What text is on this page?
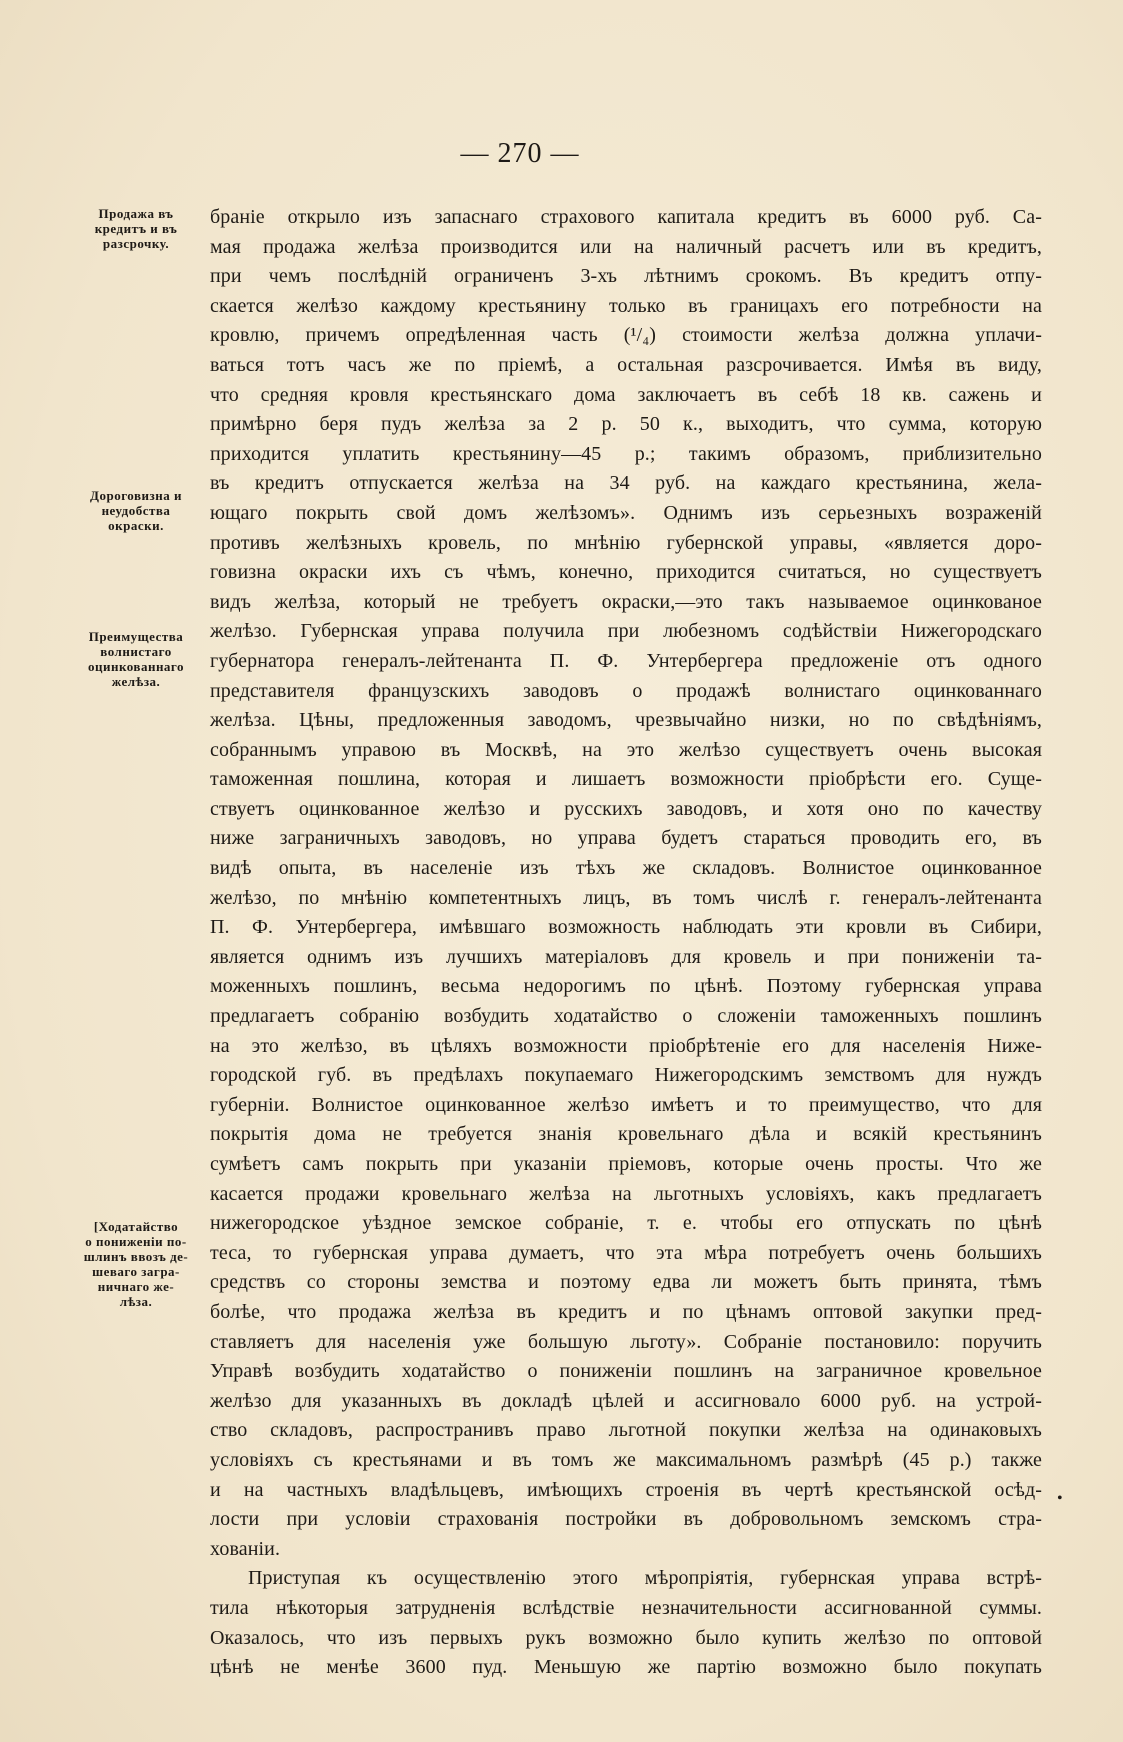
— 270 —
Продажа въ
кредитъ и въ
разсрочку.
Дороговизна и
неудобства
окраски.
Преимущества
волнистаго
оцинкованнаго
желѣза.
[Ходатайство
о пониженіи по-
шлинъ ввозъ де-
шеваго загра-
ничнаго же-
лѣза.
браніе открыло изъ запаснаго страхового капитала кредитъ въ 6000 руб. Са-
мая продажа желѣза производится или на наличный расчетъ или въ кредитъ,
при чемъ послѣдній ограниченъ 3-хъ лѣтнимъ срокомъ. Въ кредитъ отпу-
скается желѣзо каждому крестьянину только въ границахъ его потребности на
кровлю, причемъ опредѣленная часть (¹/₄) стоимости желѣза должна уплачи-
ваться тотъ часъ же по пріемѣ, а остальная разсрочивается. Имѣя въ виду,
что средняя кровля крестьянскаго дома заключаетъ въ себѣ 18 кв. сажень и
примѣрно беря пудъ желѣза за 2 р. 50 к., выходитъ, что сумма, которую
приходится уплатить крестьянину—45 р.; такимъ образомъ, приблизительно
въ кредитъ отпускается желѣза на 34 руб. на каждаго крестьянина, жела-
ющаго покрыть свой домъ желѣзомъ». Однимъ изъ серьезныхъ возраженій
противъ желѣзныхъ кровель, по мнѣнію губернской управы, «является доро-
говизна окраски ихъ съ чѣмъ, конечно, приходится считаться, но существуетъ
видъ желѣза, который не требуетъ окраски,—это такъ называемое оцинкованое
желѣзо. Губернская управа получила при любезномъ содѣйствіи Нижегородскаго
губернатора генералъ-лейтенанта П. Ф. Унтербергера предложеніе отъ одного
представителя французскихъ заводовъ о продажѣ волнистаго оцинкованнаго
желѣза. Цѣны, предложенныя заводомъ, чрезвычайно низки, но по свѣдѣніямъ,
собраннымъ управою въ Москвѣ, на это желѣзо существуетъ очень высокая
таможенная пошлина, которая и лишаетъ возможности пріобрѣсти его. Суще-
ствуетъ оцинкованное желѣзо и русскихъ заводовъ, и хотя оно по качеству
ниже заграничныхъ заводовъ, но управа будетъ стараться проводить его, въ
видѣ опыта, въ населеніе изъ тѣхъ же складовъ. Волнистое оцинкованное
желѣзо, по мнѣнію компетентныхъ лицъ, въ томъ числѣ г. генералъ-лейтенанта
П. Ф. Унтербергера, имѣвшаго возможность наблюдать эти кровли въ Сибири,
является однимъ изъ лучшихъ матеріаловъ для кровель и при пониженіи та-
моженныхъ пошлинъ, весьма недорогимъ по цѣнѣ. Поэтому губернская управа
предлагаетъ собранію возбудить ходатайство о сложеніи таможенныхъ пошлинъ
на это желѣзо, въ цѣляхъ возможности пріобрѣтеніе его для населенія Ниже-
городской губ. въ предѣлахъ покупаемаго Нижегородскимъ земствомъ для нуждъ
губерніи. Волнистое оцинкованное желѣзо имѣетъ и то преимущество, что для
покрытія дома не требуется знанія кровельнаго дѣла и всякій крестьянинъ
сумѣетъ самъ покрыть при указаніи пріемовъ, которые очень просты. Что же
касается продажи кровельнаго желѣза на льготныхъ условіяхъ, какъ предлагаетъ
нижегородское уѣздное земское собраніе, т. е. чтобы его отпускать по цѣнѣ
теса, то губернская управа думаетъ, что эта мѣра потребуетъ очень большихъ
средствъ со стороны земства и поэтому едва ли можетъ быть принята, тѣмъ
болѣе, что продажа желѣза въ кредитъ и по цѣнамъ оптовой закупки пред-
ставляетъ для населенія уже большую льготу». Собраніе постановило: поручить
Управѣ возбудить ходатайство о пониженіи пошлинъ на заграничное кровельное
желѣзо для указанныхъ въ докладѣ цѣлей и ассигновало 6000 руб. на устрой-
ство складовъ, распространивъ право льготной покупки желѣза на одинаковыхъ
условіяхъ съ крестьянами и въ томъ же максимальномъ размѣрѣ (45 р.) также
и на частныхъ владѣльцевъ, имѣющихъ строенія въ чертѣ крестьянской осѣд-
лости при условіи страхованія постройки въ добровольномъ земскомъ стра-
хованіи.
Приступая къ осуществленію этого мѣропріятія, губернская управа встрѣ-
тила нѣкоторыя затрудненія вслѣдствіе незначительности ассигнованной суммы.
Оказалось, что изъ первыхъ рукъ возможно было купить желѣзо по оптовой
цѣнѣ не менѣе 3600 пуд. Меньшую же партію возможно было покупать
•
